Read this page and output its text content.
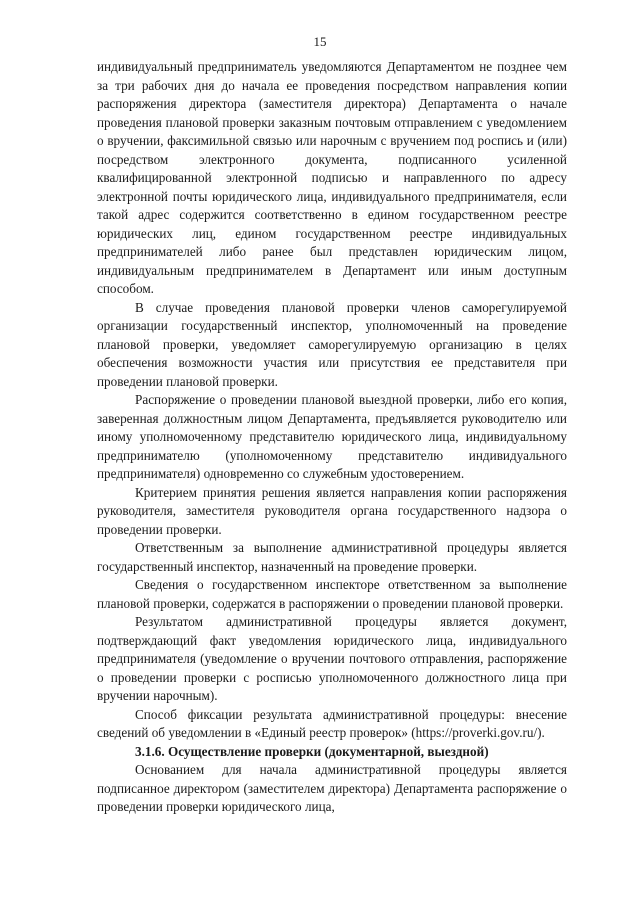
15

индивидуальный предприниматель уведомляются Департаментом не позднее чем за три рабочих дня до начала ее проведения посредством направления копии распоряжения директора (заместителя директора) Департамента о начале проведения плановой проверки заказным почтовым отправлением с уведомлением о вручении, факсимильной связью или нарочным с вручением под роспись и (или) посредством электронного документа, подписанного усиленной квалифицированной электронной подписью и направленного по адресу электронной почты юридического лица, индивидуального предпринимателя, если такой адрес содержится соответственно в едином государственном реестре юридических лиц, едином государственном реестре индивидуальных предпринимателей либо ранее был представлен юридическим лицом, индивидуальным предпринимателем в Департамент или иным доступным способом.

В случае проведения плановой проверки членов саморегулируемой организации государственный инспектор, уполномоченный на проведение плановой проверки, уведомляет саморегулируемую организацию в целях обеспечения возможности участия или присутствия ее представителя при проведении плановой проверки.

Распоряжение о проведении плановой выездной проверки, либо его копия, заверенная должностным лицом Департамента, предъявляется руководителю или иному уполномоченному представителю юридического лица, индивидуальному предпринимателю (уполномоченному представителю индивидуального предпринимателя) одновременно со служебным удостоверением.

Критерием принятия решения является направления копии распоряжения руководителя, заместителя руководителя органа государственного надзора о проведении проверки.

Ответственным за выполнение административной процедуры является государственный инспектор, назначенный на проведение проверки.

Сведения о государственном инспекторе ответственном за выполнение плановой проверки, содержатся в распоряжении о проведении плановой проверки.

Результатом административной процедуры является документ, подтверждающий факт уведомления юридического лица, индивидуального предпринимателя (уведомление о вручении почтового отправления, распоряжение о проведении проверки с росписью уполномоченного должностного лица при вручении нарочным).

Способ фиксации результата административной процедуры: внесение сведений об уведомлении в «Единый реестр проверок» (https://proverki.gov.ru/).

3.1.6. Осуществление проверки (документарной, выездной)

Основанием для начала административной процедуры является подписанное директором (заместителем директора) Департамента распоряжение о проведении проверки юридического лица,
